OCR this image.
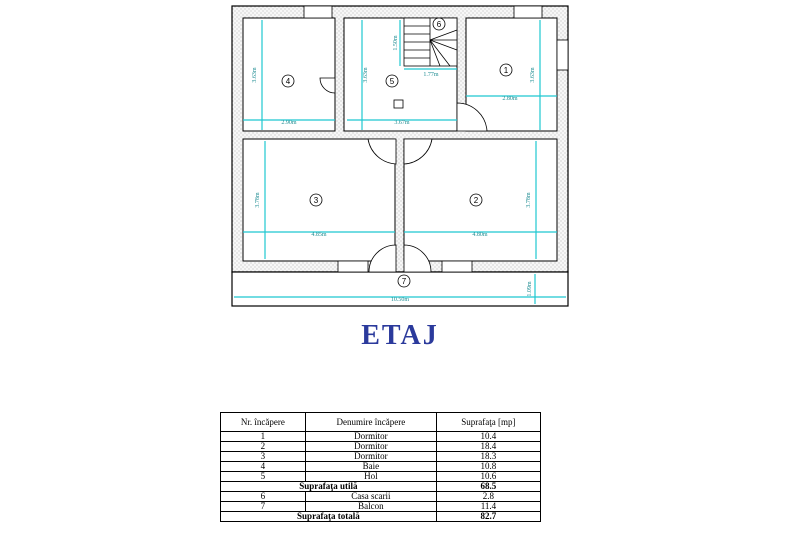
1
2
3
4	5
6
7
2.80m
3.63m
4.80m
3.78m
4.85m
3.78m
2.90m
3.63m
3.67m
3.63m	1.77m
1.50m
10.50m
1.09m
ETAJ
Nr. încăpere	Denumire încăpere	Suprafaţa [mp]
1	Dormitor	10.4
2	Dormitor	18.4
3	Dormitor	18.3
4	Baie	10.8
5	Hol	10.6
Suprafaţa utilă		68.5
6	Casa scarii	2.8
7	Balcon	11.4
Suprafaţa totală		82.7
